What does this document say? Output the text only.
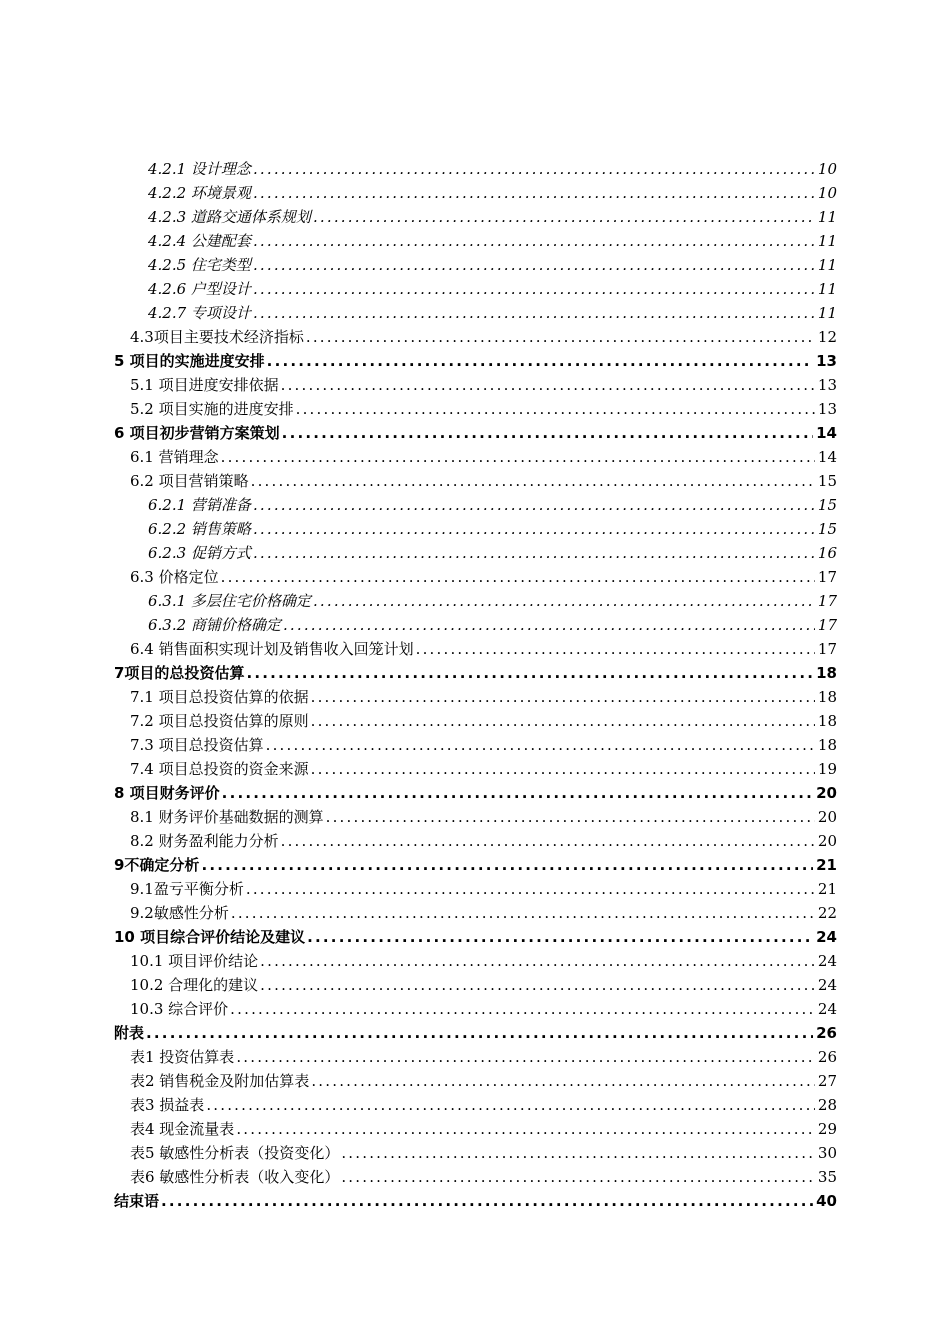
4.2.1 设计理念 .....	10
4.2.2 环境景观 .....	10
4.2.3 道路交通体系规划 .....	11
4.2.4 公建配套 .....	11
4.2.5 住宅类型 .....	11
4.2.6 户型设计 .....	11
4.2.7 专项设计 .....	11
4.3项目主要技术经济指标 .....	12
5 项目的实施进度安排 .....	13
5.1 项目进度安排依据 .....	13
5.2 项目实施的进度安排 .....	13
6 项目初步营销方案策划 .....	14
6.1 营销理念 .....	14
6.2 项目营销策略 .....	15
6.2.1 营销准备 .....	15
6.2.2 销售策略 .....	15
6.2.3 促销方式 .....	16
6.3 价格定位 .....	17
6.3.1 多层住宅价格确定 .....	17
6.3.2 商铺价格确定 .....	17
6.4 销售面积实现计划及销售收入回笼计划 .....	17
7项目的总投资估算 .....	18
7.1 项目总投资估算的依据 .....	18
7.2 项目总投资估算的原则 .....	18
7.3 项目总投资估算 .....	18
7.4 项目总投资的资金来源 .....	19
8 项目财务评价 .....	20
8.1 财务评价基础数据的测算 .....	20
8.2 财务盈利能力分析 .....	20
9不确定分析 .....	21
9.1盈亏平衡分析 .....	21
9.2敏感性分析 .....	22
10 项目综合评价结论及建议 .....	24
10.1 项目评价结论 .....	24
10.2 合理化的建议 .....	24
10.3 综合评价 .....	24
附表 .....	26
表1 投资估算表 .....	26
表2 销售税金及附加估算表 .....	27
表3 损益表 .....	28
表4 现金流量表 .....	29
表5 敏感性分析表（投资变化） .....	30
表6 敏感性分析表（收入变化） .....	35
结束语 .....	40
